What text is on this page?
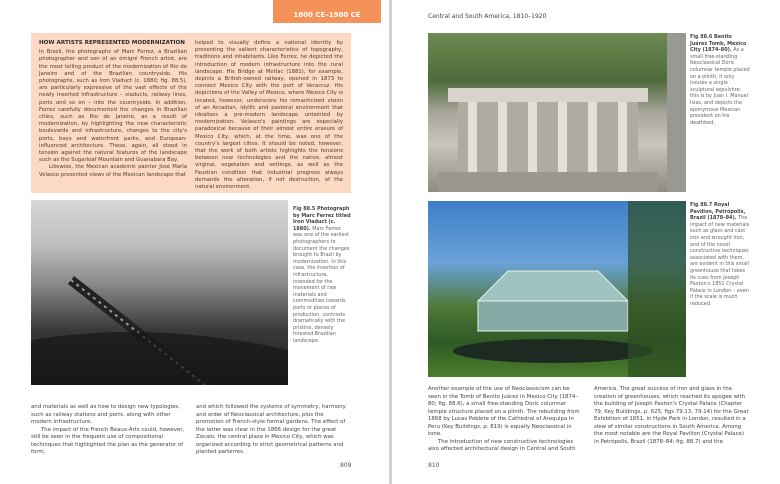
1800 CE–1900 CE
HOW ARTISTS REPRESENTED MODERNIZATION

In Brazil, the photographs of Marc Ferrez, a Brazilian photographer and son of an émigré French artist, are the most telling product of the modernization of Rio de Janeiro and of the Brazilian countryside. His photographs, such as Iron Viaduct (c. 1880; fig. 88.5), are particularly expressive of the vast effects of the newly inserted infrastructure – viaducts, railway lines, ports and so on – into the countryside. In addition, Ferrez carefully documented the changes in Brazilian cities, such as Rio de Janeiro, as a result of modernization, by highlighting the new characteristic boulevards and infrastructure, changes to the city's ports, bays and waterfront parks, and European-influenced architecture. These, again, all stood in tension against the natural features of the landscape such as the Sugarloaf Mountain and Guanabara Bay.

Likewise, the Mexican academic painter José María Velasco presented views of the Mexican landscape that

helped to visually define a national identity by presenting the salient characteristics of topography, traditions and inhabitants. Like Ferrez, he depicted the introduction of modern infrastructure into the rural landscape. His Bridge at Metlac (1881), for example, depicts a British-owned railway, opened in 1873 to connect Mexico City with the port of Veracruz. His depictions of the Valley of Mexico, where Mexico City is located, however, underscore his romanticized vision of an Arcadian, idyllic and pastoral environment that idealizes a pre-modern landscape untainted by modernization. Velasco's paintings are especially paradoxical because of their almost entire erasure of Mexico City, which, at the time, was one of the country's largest cities. It should be noted, however, that the work of both artists highlights the tensions between new technologies and the native, almost virginal, vegetation and settings, as well as the Faustian condition that industrial progress always demands the alteration, if not destruction, of the natural environment.

Fig 88.5 Photograph by Marc Ferrez titled Iron Viaduct (c. 1880). Marc Ferrez was one of the earliest photographers to document the changes brought to Brazil by modernization. In this case, the insertion of infrastructure, intended for the movement of raw materials and commodities towards ports or places of production, contrasts dramatically with the pristine, densely forested Brazilian landscape.

and materials as well as how to design new typologies, such as railway stations and ports, along with other modern infrastructure.

The impact of the French Beaux-Arts could, however, still be seen in the frequent use of compositional techniques that highlighted the plan as the generator of form,

and which followed the systems of symmetry, harmony and order of Neoclassical architecture, plus the promotion of French-style formal gardens. The effect of the latter was clear in the 1866 design for the great Zócalo, the central plaza in Mexico City, which was organized according to strict geometrical patterns and planted parterres.

809
Central and South America, 1810–1920
Fig 88.6 Benito Juárez Tomb, Mexico City (1874–80). As a small free-standing Neoclassical Doric columnar temple placed on a plinth, it only houses a single sculptural sepulchre: this is by Juan I. Manuel Islas, and depicts the eponymous Mexican president on his deathbed.
Fig 88.7 Royal Pavilion, Petrópolis, Brazil (1878–84). The impact of new materials such as glass and cast iron and wrought iron, and of the novel constructive techniques associated with them, are evident in this small greenhouse that takes its cues from Joseph Paxton's 1851 Crystal Palace in London – even if the scale is much reduced.

Another example of the use of Neoclassicism can be seen in the Tomb of Benito Juárez in Mexico City (1874–80; fig. 88.6), a small free-standing Doric columnar temple structure placed on a plinth. The rebuilding from 1868 by Lucas Poblete of the Cathedral of Arequipa in Peru (Key Buildings, p. 819) is equally Neoclassical in tone.

The introduction of new constructive technologies also affected architectural design in Central and South

America. The great success of iron and glass in the creation of greenhouses, which reached its apogee with the building of Joseph Paxton's Crystal Palace (Chapter 79, Key Buildings, p. 625, figs 79.13, 79.14) for the Great Exhibition of 1851, in Hyde Park in London, resulted in a slew of similar constructions in South America. Among the most notable are the Royal Pavilion (Crystal Palace) in Petrópolis, Brazil (1878–84; fig. 88.7) and the

810
